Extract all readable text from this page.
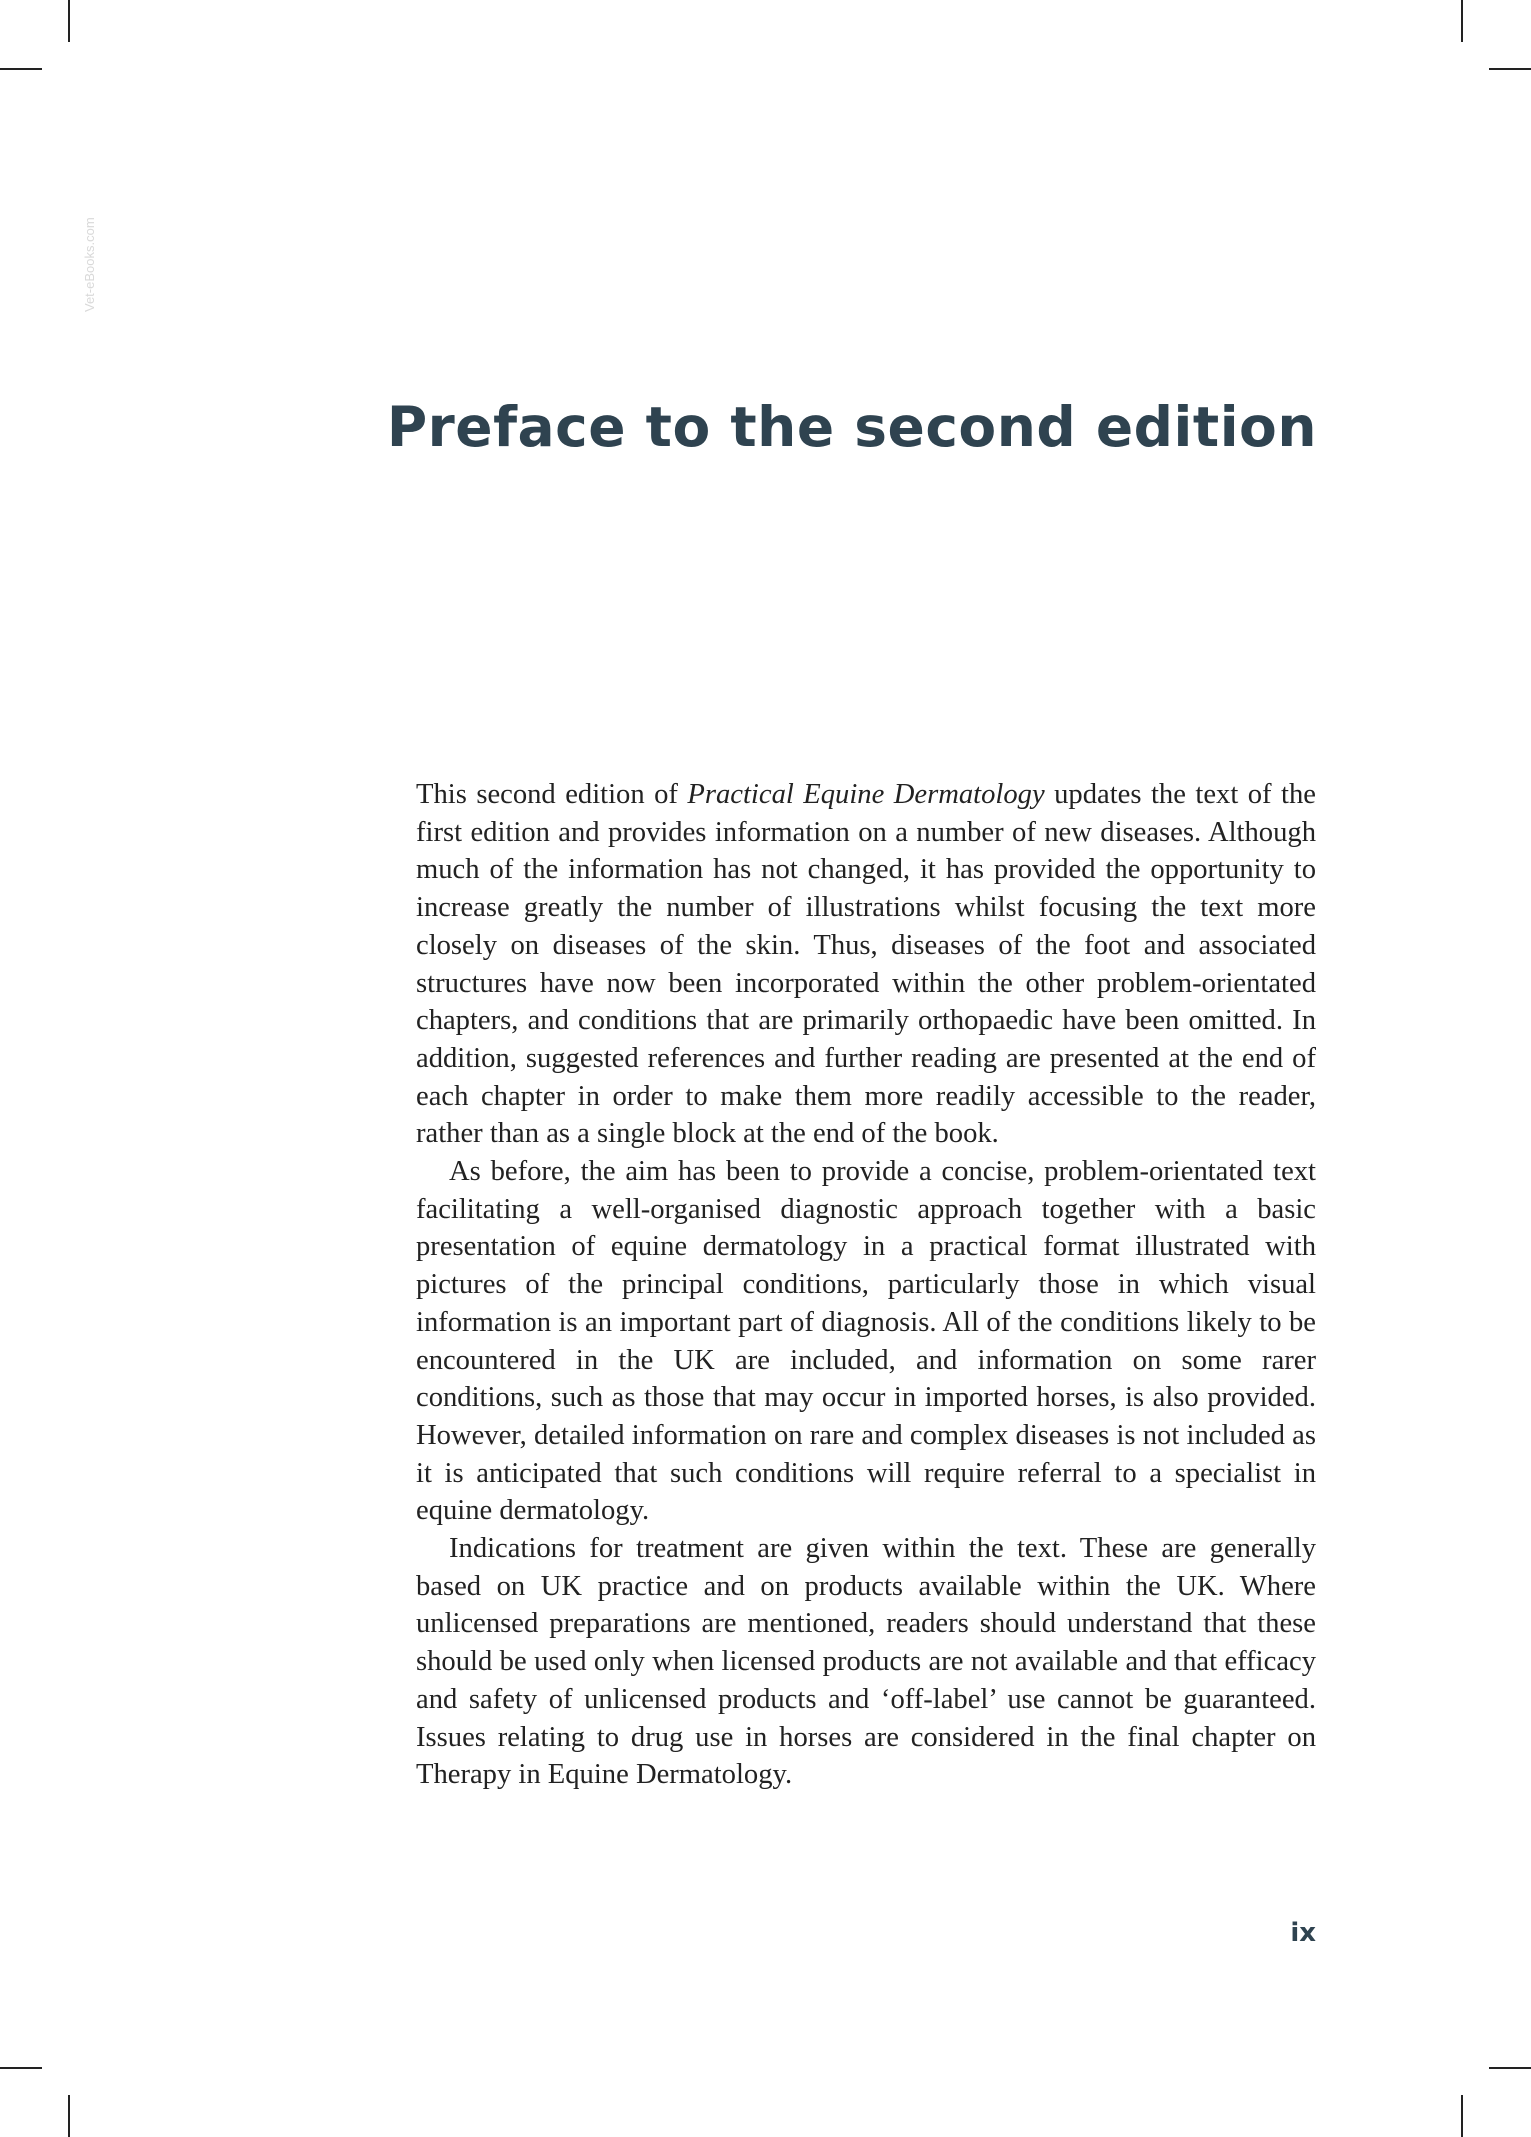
Vet-eBooks.com
Preface to the second edition

This second edition of Practical Equine Dermatology updates the text of the first edition and provides information on a number of new diseases. Although much of the information has not changed, it has provided the opportunity to increase greatly the number of illustrations whilst focusing the text more closely on diseases of the skin. Thus, diseases of the foot and associated structures have now been incorporated within the other problem-orientated chapters, and conditions that are primarily orthopaedic have been omitted. In addition, suggested references and further reading are presented at the end of each chapter in order to make them more readily accessible to the reader, rather than as a single block at the end of the book.

As before, the aim has been to provide a concise, problem-orientated text facilitating a well-organised diagnostic approach together with a basic presentation of equine dermatology in a practical format illustrated with pictures of the principal conditions, particularly those in which visual information is an important part of diagnosis. All of the conditions likely to be encountered in the UK are included, and information on some rarer conditions, such as those that may occur in imported horses, is also provided. However, detailed information on rare and complex diseases is not included as it is anticipated that such conditions will require referral to a specialist in equine dermatology.

Indications for treatment are given within the text. These are generally based on UK practice and on products available within the UK. Where unlicensed preparations are mentioned, readers should understand that these should be used only when licensed products are not available and that efficacy and safety of unlicensed products and ‘off-label’ use cannot be guaranteed. Issues relating to drug use in horses are considered in the final chapter on Therapy in Equine Dermatology.

ix
